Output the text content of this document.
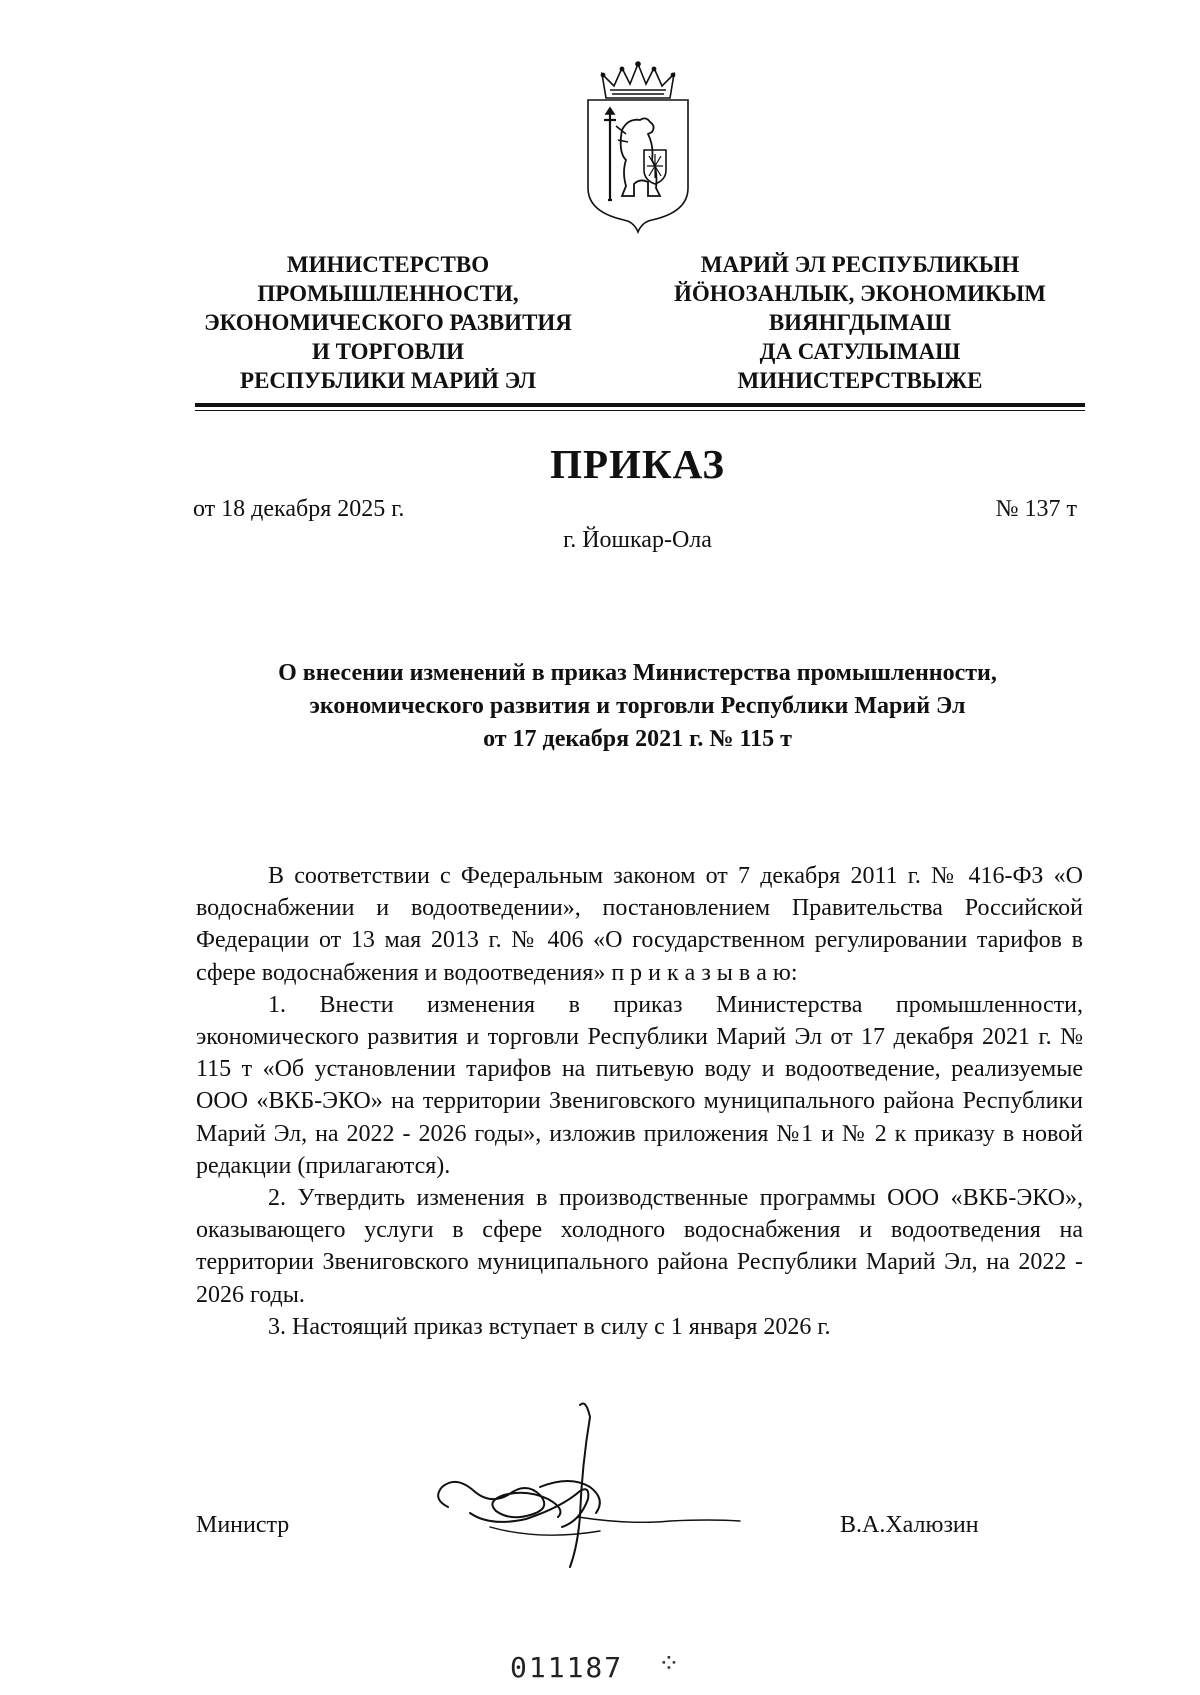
МИНИСТЕРСТВО
ПРОМЫШЛЕННОСТИ,
ЭКОНОМИЧЕСКОГО РАЗВИТИЯ
И ТОРГОВЛИ
РЕСПУБЛИКИ МАРИЙ ЭЛ
МАРИЙ ЭЛ РЕСПУБЛИКЫН
ЙӦНОЗАНЛЫК, ЭКОНОМИКЫМ
ВИЯНГДЫМАШ
ДА САТУЛЫМАШ
МИНИСТЕРСТВЫЖЕ
ПРИКАЗ
от 18 декабря 2025 г.	№ 137 т
г. Йошкар-Ола
О внесении изменений в приказ Министерства промышленности,
экономического развития и торговли Республики Марий Эл
от 17 декабря 2021 г. № 115 т

В соответствии с Федеральным законом от 7 декабря 2011 г. № 416-ФЗ «О водоснабжении и водоотведении», постановлением Правительства Российской Федерации от 13 мая 2013 г. № 406 «О государственном регулировании тарифов в сфере водоснабжения и водоотведения» п р и к а з ы в а ю:

1. Внести изменения в приказ Министерства промышленности, экономического развития и торговли Республики Марий Эл от 17 декабря 2021 г. № 115 т «Об установлении тарифов на питьевую воду и водоотведение, реализуемые ООО «ВКБ-ЭКО» на территории Звениговского муниципального района Республики Марий Эл, на 2022 - 2026 годы», изложив приложения №1 и № 2 к приказу в новой редакции (прилагаются).

2. Утвердить изменения в производственные программы ООО «ВКБ-ЭКО», оказывающего услуги в сфере холодного водоснабжения и водоотведения на территории Звениговского муниципального района Республики Марий Эл, на 2022 - 2026 годы.

3. Настоящий приказ вступает в силу с 1 января 2026 г.

Министр	В.А.Халюзин
011187 ⁘
